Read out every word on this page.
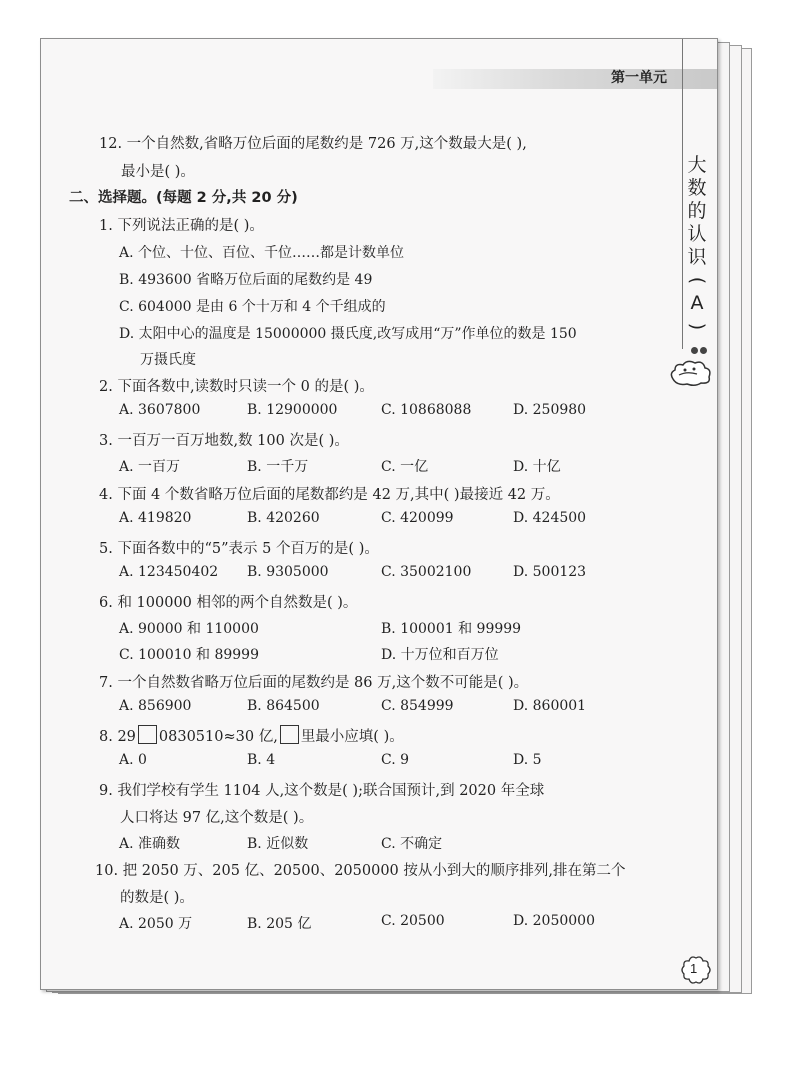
第一单元
大
数
的
认
识
(
A
)
1
12. 一个自然数,省略万位后面的尾数约是 726 万,这个数最大是( ),
最小是( )。
二、选择题。(每题 2 分,共 20 分)
1. 下列说法正确的是( )。
A. 个位、十位、百位、千位……都是计数单位
B. 493600 省略万位后面的尾数约是 49
C. 604000 是由 6 个十万和 4 个千组成的
D. 太阳中心的温度是 15000000 摄氏度,改写成用“万”作单位的数是 150
万摄氏度
2. 下面各数中,读数时只读一个 0 的是( )。
A. 3607800	B. 12900000	C. 10868088	D. 250980
3. 一百万一百万地数,数 100 次是( )。
A. 一百万	B. 一千万	C. 一亿	D. 十亿
4. 下面 4 个数省略万位后面的尾数都约是 42 万,其中( )最接近 42 万。
A. 419820	B. 420260	C. 420099	D. 424500
5. 下面各数中的“5”表示 5 个百万的是( )。
A. 123450402 B. 9305000	C. 35002100	D. 500123
6. 和 100000 相邻的两个自然数是( )。
A. 90000 和 110000	B. 100001 和 99999
C. 100010 和 89999	D. 十万位和百万位
7. 一个自然数省略万位后面的尾数约是 86 万,这个数不可能是( )。
A. 856900	B. 864500	C. 854999	D. 860001
8. 29 0830510≈30 亿, 里最小应填( )。
A. 0	B. 4	C. 9	D. 5
9. 我们学校有学生 1104 人,这个数是( );联合国预计,到 2020 年全球
人口将达 97 亿,这个数是( )。
A. 准确数	B. 近似数	C. 不确定
10. 把 2050 万、205 亿、20500、2050000 按从小到大的顺序排列,排在第二个
的数是( )。
A. 2050 万	B. 205 亿	C. 20500	D. 2050000
